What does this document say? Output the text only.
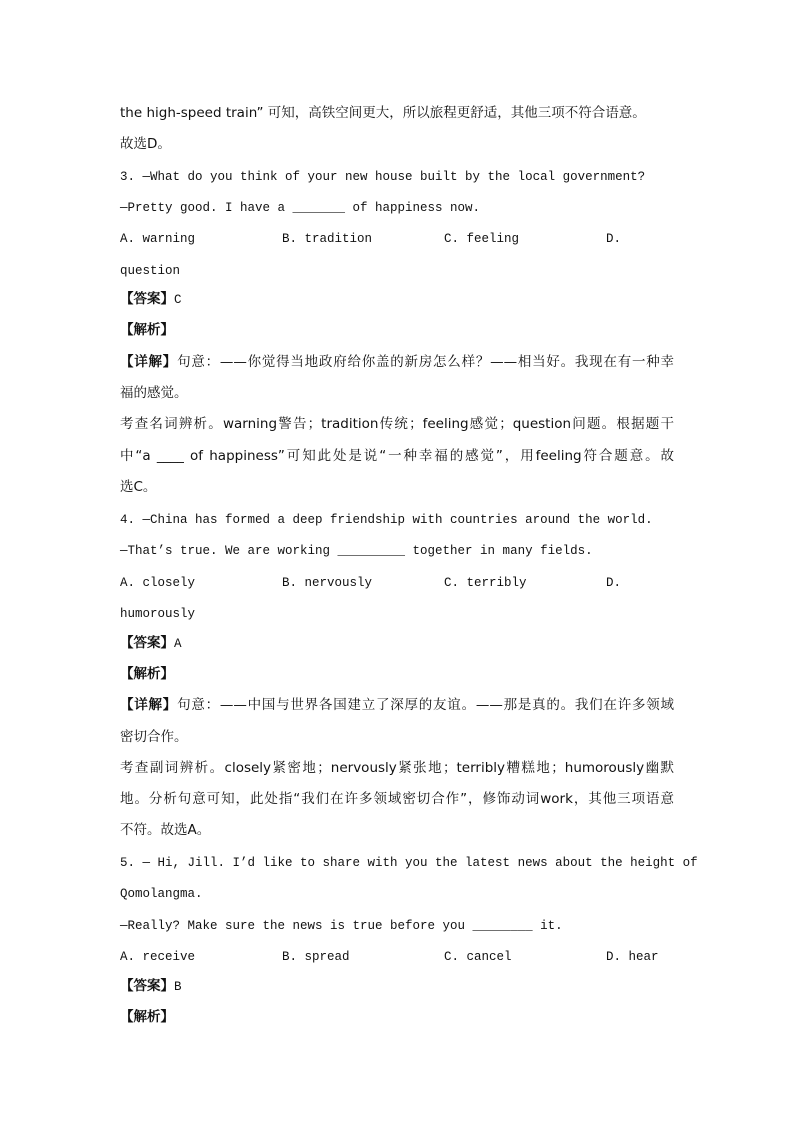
the high-speed train” 可知，高铁空间更大，所以旅程更舒适，其他三项不符合语意。
故选D。
3. —What do you think of your new house built by the local government?
—Pretty good. I have a _______ of happiness now.
A. warning	B. tradition	C. feeling	D.
question
【答案】C
【解析】
【详解】句意：——你觉得当地政府给你盖的新房怎么样？——相当好。我现在有一种幸
福的感觉。
考查名词辨析。warning警告；tradition传统；feeling感觉；question问题。根据题干
中“a ____ of happiness”可知此处是说“一种幸福的感觉”，用feeling符合题意。故
选C。
4. —China has formed a deep friendship with countries around the world.
—That’s true. We are working _________ together in many fields.
A. closely	B. nervously	C. terribly	D.
humorously
【答案】A
【解析】
【详解】句意：——中国与世界各国建立了深厚的友谊。——那是真的。我们在许多领域
密切合作。
考查副词辨析。closely紧密地；nervously紧张地；terribly糟糕地；humorously幽默
地。分析句意可知，此处指“我们在许多领域密切合作”，修饰动词work，其他三项语意
不符。故选A。
5. — Hi, Jill. I’d like to share with you the latest news about the height of
Qomolangma.
—Really? Make sure the news is true before you ________ it.
A. receive	B. spread	C. cancel	D. hear
【答案】B
【解析】
